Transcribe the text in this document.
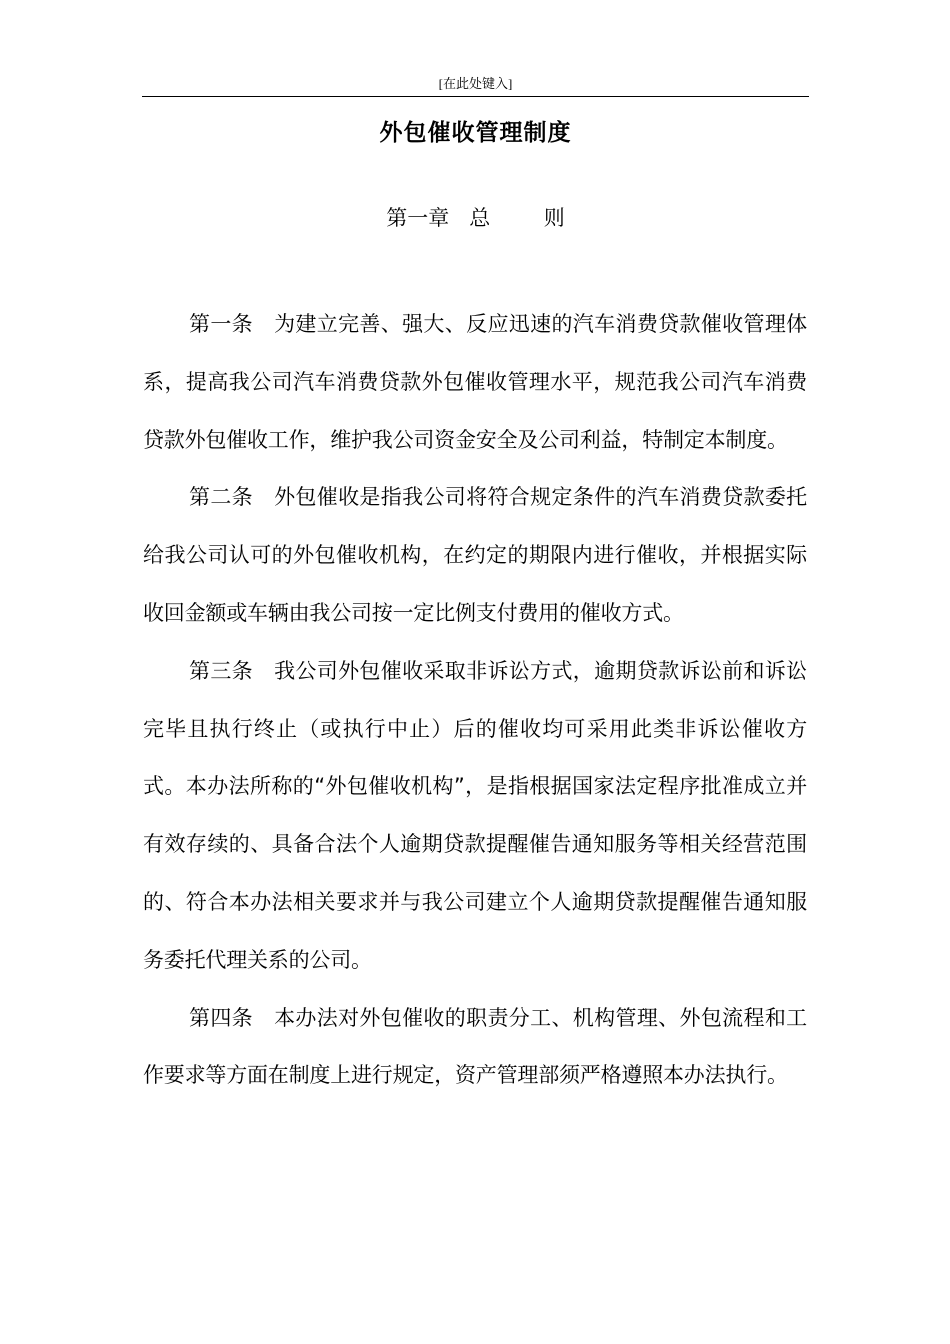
[在此处键入]
外包催收管理制度
第一章   总        则

第一条 为建立完善、强大、反应迅速的汽车消费贷款催收管理体系，提高我公司汽车消费贷款外包催收管理水平，规范我公司汽车消费贷款外包催收工作，维护我公司资金安全及公司利益，特制定本制度。

第二条 外包催收是指我公司将符合规定条件的汽车消费贷款委托给我公司认可的外包催收机构，在约定的期限内进行催收，并根据实际收回金额或车辆由我公司按一定比例支付费用的催收方式。

第三条 我公司外包催收采取非诉讼方式，逾期贷款诉讼前和诉讼完毕且执行终止（或执行中止）后的催收均可采用此类非诉讼催收方式。本办法所称的“外包催收机构”，是指根据国家法定程序批准成立并有效存续的、具备合法个人逾期贷款提醒催告通知服务等相关经营范围的、符合本办法相关要求并与我公司建立个人逾期贷款提醒催告通知服务委托代理关系的公司。

第四条 本办法对外包催收的职责分工、机构管理、外包流程和工作要求等方面在制度上进行规定，资产管理部须严格遵照本办法执行。
